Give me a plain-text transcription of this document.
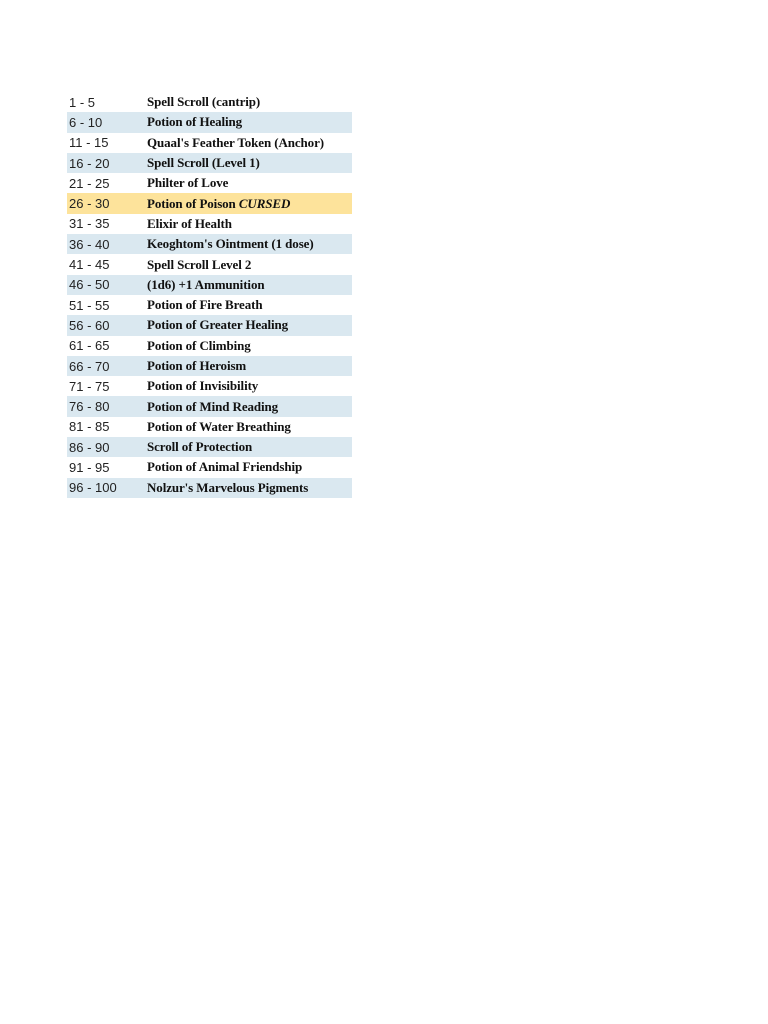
1 - 5	Spell Scroll (cantrip)
6 - 10	Potion of Healing
11 - 15	Quaal's Feather Token (Anchor)
16 - 20	Spell Scroll (Level 1)
21 - 25	Philter of Love
26 - 30	Potion of Poison CURSED
31 - 35	Elixir of Health
36 - 40	Keoghtom's Ointment (1 dose)
41 - 45	Spell Scroll Level 2
46 - 50	(1d6) +1 Ammunition
51 - 55	Potion of Fire Breath
56 - 60	Potion of Greater Healing
61 - 65	Potion of Climbing
66 - 70	Potion of Heroism
71 - 75	Potion of Invisibility
76 - 80	Potion of Mind Reading
81 - 85	Potion of Water Breathing
86 - 90	Scroll of Protection
91 - 95	Potion of Animal Friendship
96 - 100	Nolzur's Marvelous Pigments
